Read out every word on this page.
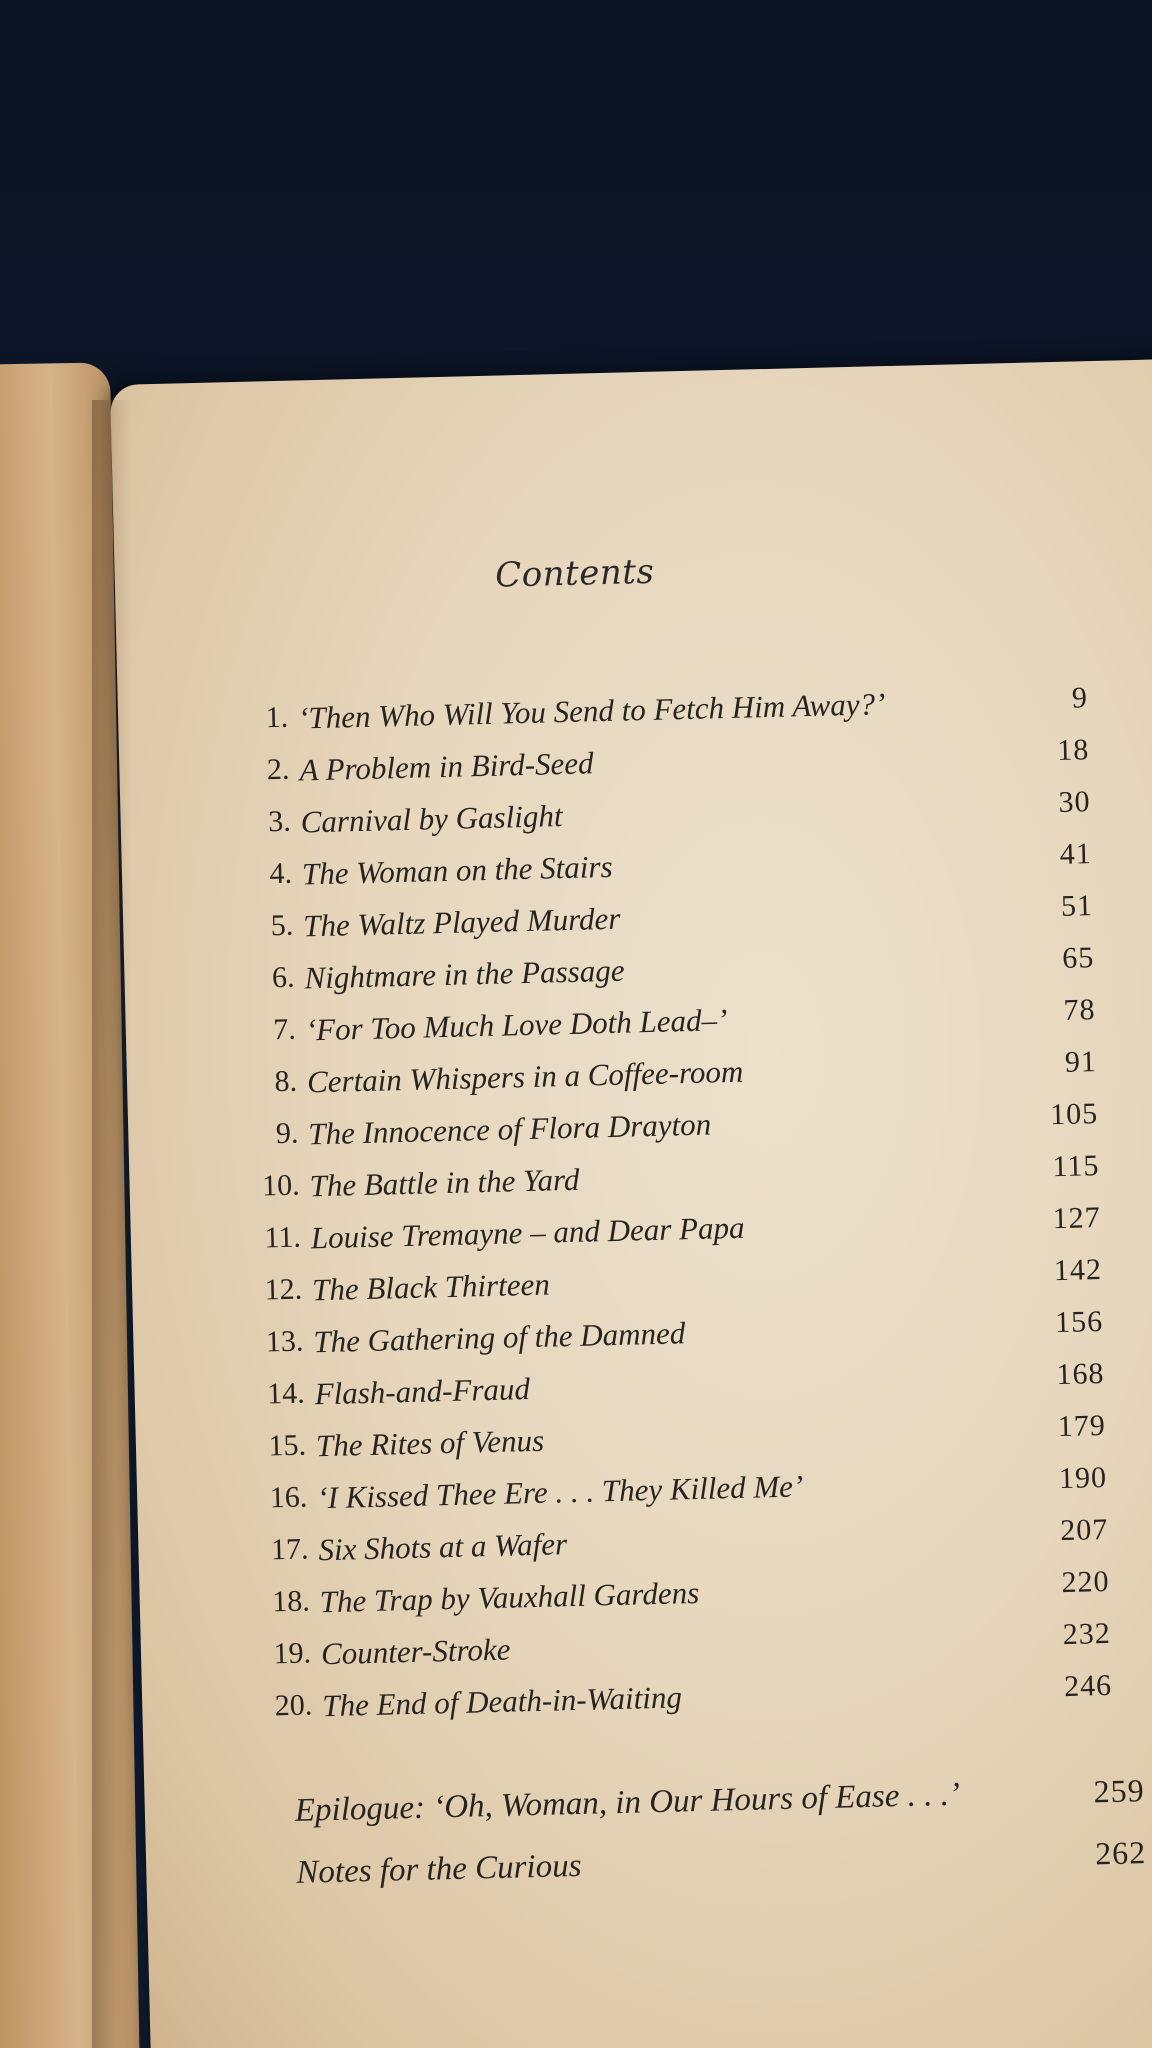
Contents
1. ‘Then Who Will You Send to Fetch Him Away?’	9
2. A Problem in Bird-Seed	18
3. Carnival by Gaslight	30
4. The Woman on the Stairs	41
5. The Waltz Played Murder	51
6. Nightmare in the Passage	65
7. ‘For Too Much Love Doth Lead–’	78
8. Certain Whispers in a Coffee-room	91
9. The Innocence of Flora Drayton	105
10. The Battle in the Yard	115
11. Louise Tremayne – and Dear Papa	127
12. The Black Thirteen	142
13. The Gathering of the Damned	156
14. Flash-and-Fraud	168
15. The Rites of Venus	179
16. ‘I Kissed Thee Ere . . . They Killed Me’	190
17. Six Shots at a Wafer	207
18. The Trap by Vauxhall Gardens	220
19. Counter-Stroke	232
20. The End of Death-in-Waiting	246
Epilogue: ‘Oh, Woman, in Our Hours of Ease . . .’	259
Notes for the Curious	262
